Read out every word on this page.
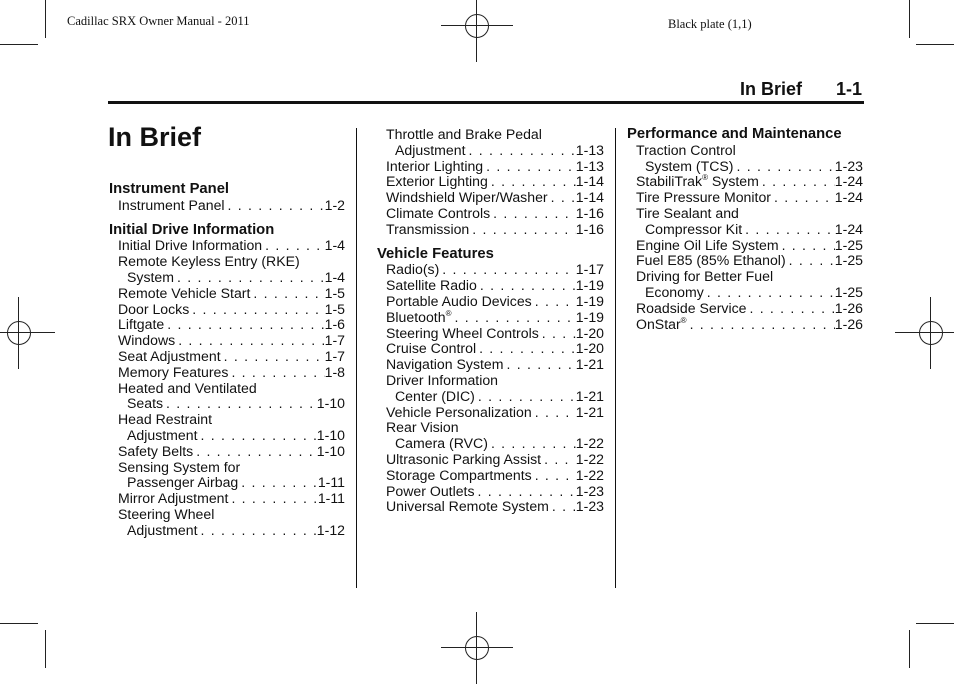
Cadillac SRX Owner Manual - 2011	Black plate (1,1)
In Brief 1-1
In Brief
Instrument Panel
Instrument Panel . . .	1-2
Initial Drive Information
Initial Drive Information . . .	1-4
Remote Keyless Entry (RKE)
System . . .	1-4
Remote Vehicle Start . . .	1-5
Door Locks . . .	1-5
Liftgate . . .	1-6
Windows . . .	1-7
Seat Adjustment . . .	1-7
Memory Features . . .	1-8
Heated and Ventilated
Seats . . .	1-10
Head Restraint
Adjustment . . .	1-10
Safety Belts . . .	1-10
Sensing System for
Passenger Airbag . . .	1-11
Mirror Adjustment . . .	1-11
Steering Wheel
Adjustment . . .	1-12
Throttle and Brake Pedal
Adjustment . . .	1-13
Interior Lighting . . .	1-13
Exterior Lighting . . .	1-14
Windshield Wiper/Washer . . . 1-14
Climate Controls . . .	1-16
Transmission . . .	1-16
Vehicle Features
Radio(s) . . .	1-17
Satellite Radio . . .	1-19
Portable Audio Devices . . .	1-19
Bluetooth® . . .	1-19
Steering Wheel Controls . . .	1-20
Cruise Control . . .	1-20
Navigation System . . .	1-21
Driver Information
Center (DIC) . . .	1-21
Vehicle Personalization . . .	1-21
Rear Vision
Camera (RVC) . . .	1-22
Ultrasonic Parking Assist . . . 1-22
Storage Compartments . . .	1-22
Power Outlets . . .	1-23
Universal Remote System . . . 1-23
Performance and Maintenance
Traction Control
System (TCS) . . .	1-23
StabiliTrak® System . . .	1-24
Tire Pressure Monitor . . .	1-24
Tire Sealant and
Compressor Kit . . .	1-24
Engine Oil Life System . . .	1-25
Fuel E85 (85% Ethanol) . . .	1-25
Driving for Better Fuel
Economy . . .	1-25
Roadside Service . . .	1-26
OnStar® . . .	1-26
